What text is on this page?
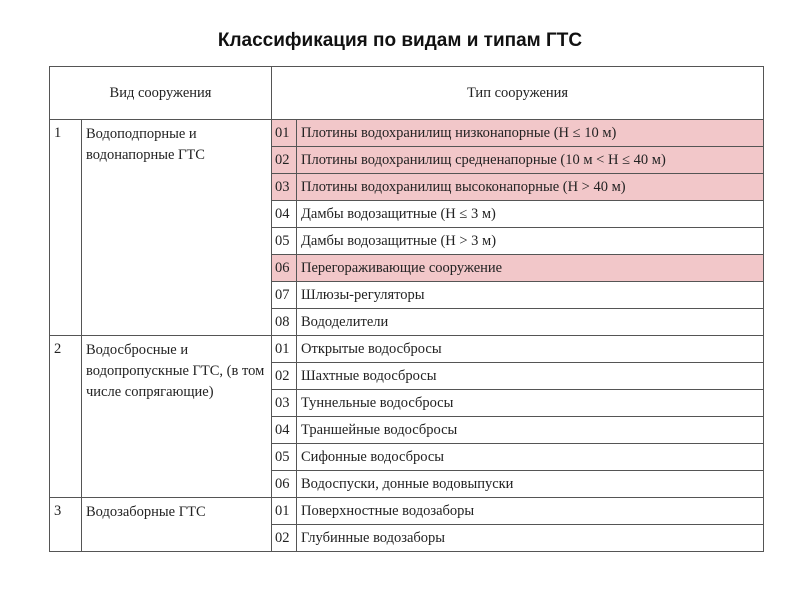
Классификация по видам и типам ГТС
Вид сооружения		Тип сооружения	
1	Водоподпорные и водонапорные ГТС	01	Плотины водохранилищ низконапорные (Н ≤ 10 м)
		02	Плотины водохранилищ средненапорные (10 м < Н ≤ 40 м)
		03	Плотины водохранилищ высоконапорные (Н > 40 м)
		04	Дамбы водозащитные (Н ≤ 3 м)
		05	Дамбы водозащитные (Н > 3 м)
		06	Перегораживающие сооружение
		07	Шлюзы-регуляторы
		08	Вододелители
2	Водосбросные и водопропускные ГТС, (в том числе сопрягающие)	01	Открытые водосбросы
		02	Шахтные водосбросы
		03	Туннельные водосбросы
		04	Траншейные водосбросы
		05	Сифонные водосбросы
		06	Водоспуски, донные водовыпуски
3	Водозаборные ГТС	01	Поверхностные водозаборы
		02	Глубинные водозаборы
